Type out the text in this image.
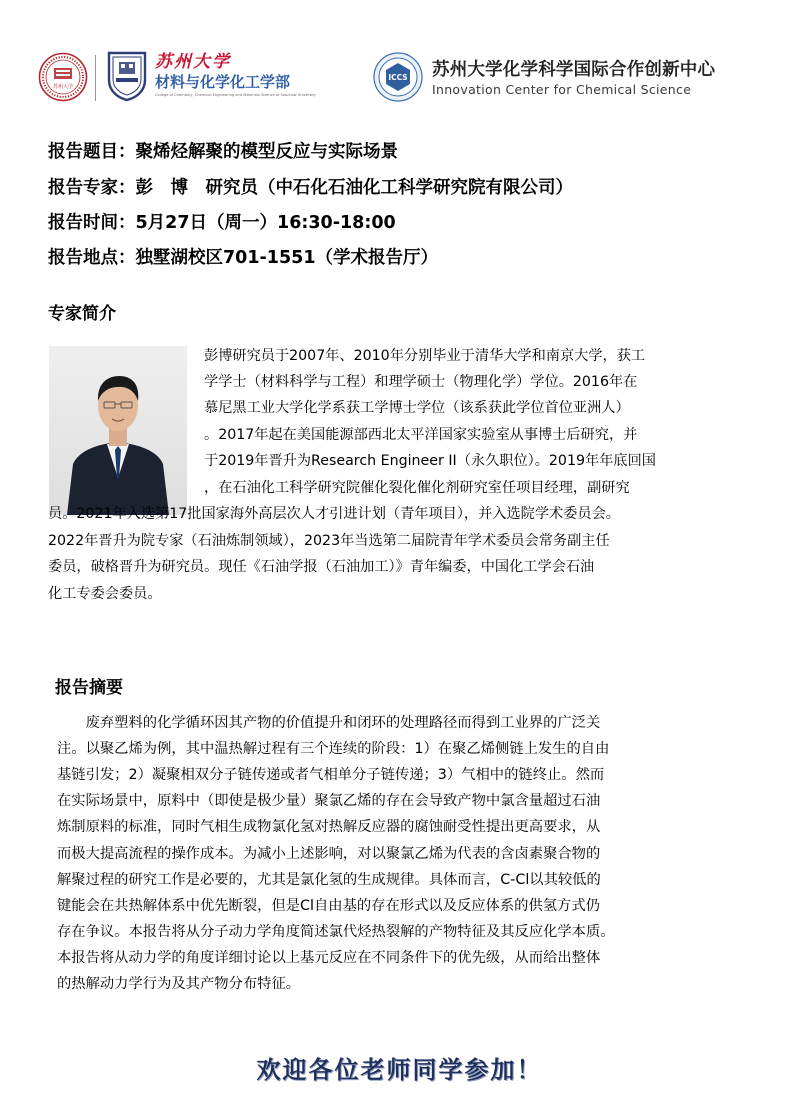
苏州大学
苏州大学
材料与化学化工学部
College of Chemistry, Chemical Engineering and Materials Science of Soochow University
ICCS 苏州大学化学科学国际合作创新中心
Innovation Center for Chemical Science
报告题目：聚烯烃解聚的模型反应与实际场景
报告专家：彭　博　研究员（中石化石油化工科学研究院有限公司）
报告时间：5月27日（周一）16:30-18:00
报告地点：独墅湖校区701-1551（学术报告厅）
专家简介
彭博研究员于2007年、2010年分别毕业于清华大学和南京大学，获工
学学士（材料科学与工程）和理学硕士（物理化学）学位。2016年在
慕尼黑工业大学化学系获工学博士学位（该系获此学位首位亚洲人）
。2017年起在美国能源部西北太平洋国家实验室从事博士后研究，并
于2019年晋升为Research Engineer II（永久职位）。2019年年底回国
，在石油化工科学研究院催化裂化催化剂研究室任项目经理，副研究
员。2021年入选第17批国家海外高层次人才引进计划（青年项目），并入选院学术委员会。
2022年晋升为院专家（石油炼制领域），2023年当选第二届院青年学术委员会常务副主任
委员，破格晋升为研究员。现任《石油学报（石油加工）》青年编委，中国化工学会石油
化工专委会委员。
报告摘要
　　废弃塑料的化学循环因其产物的价值提升和闭环的处理路径而得到工业界的广泛关
注。以聚乙烯为例，其中温热解过程有三个连续的阶段：1）在聚乙烯侧链上发生的自由
基链引发；2）凝聚相双分子链传递或者气相单分子链传递；3）气相中的链终止。然而
在实际场景中，原料中（即使是极少量）聚氯乙烯的存在会导致产物中氯含量超过石油
炼制原料的标准，同时气相生成物氯化氢对热解反应器的腐蚀耐受性提出更高要求，从
而极大提高流程的操作成本。为减小上述影响，对以聚氯乙烯为代表的含卤素聚合物的
解聚过程的研究工作是必要的，尤其是氯化氢的生成规律。具体而言，C-Cl以其较低的
键能会在共热解体系中优先断裂，但是Cl自由基的存在形式以及反应体系的供氢方式仍
存在争议。本报告将从分子动力学角度简述氯代烃热裂解的产物特征及其反应化学本质。
本报告将从动力学的角度详细讨论以上基元反应在不同条件下的优先级，从而给出整体
的热解动力学行为及其产物分布特征。
欢迎各位老师同学参加！
